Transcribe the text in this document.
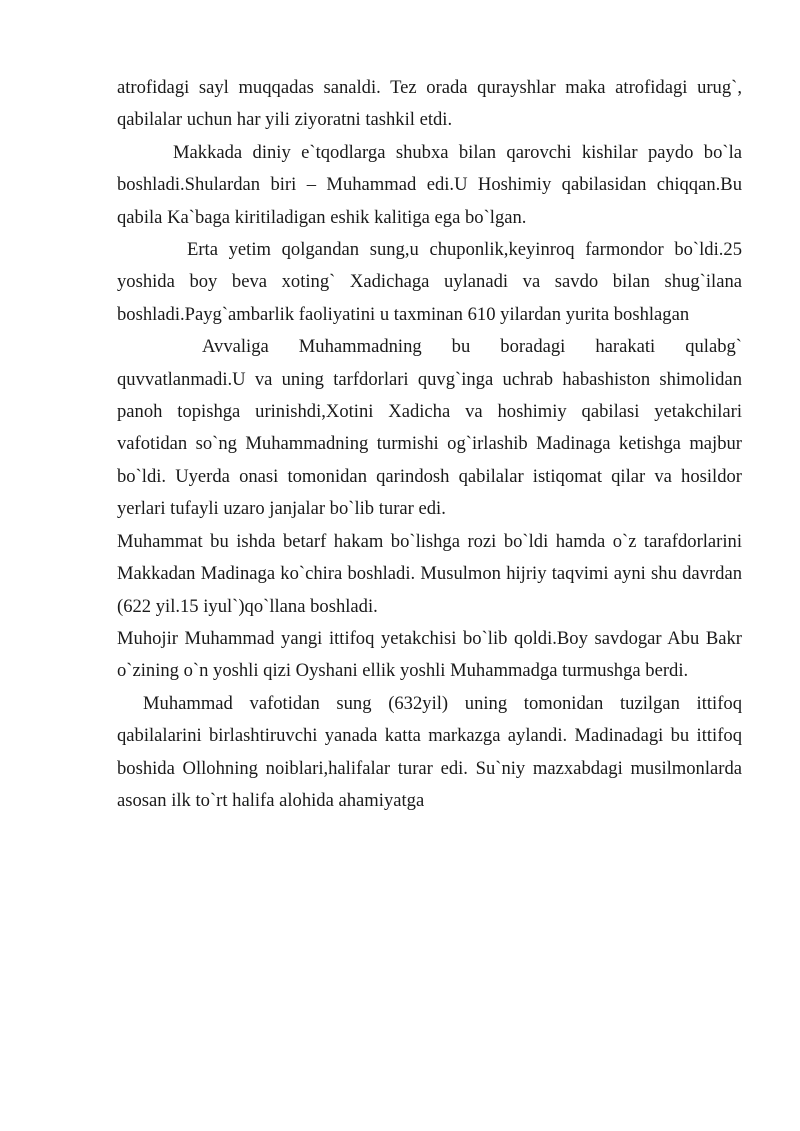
atrofidagi sayl muqqadas sanaldi. Tez orada qurayshlar maka atrofidagi urug`, qabilalar uchun har yili ziyoratni tashkil etdi.

Makkada diniy e`tqodlarga shubxa bilan qarovchi kishilar paydo bo`la boshladi.Shulardan biri – Muhammad edi.U Hoshimiy qabilasidan chiqqan.Bu qabila Ka`baga kiritiladigan eshik kalitiga ega bo`lgan.

Erta yetim qolgandan sung,u chuponlik,keyinroq farmondor bo`ldi.25 yoshida boy beva xoting` Xadichaga uylanadi va savdo bilan shug`ilana boshladi.Payg`ambarlik faoliyatini u taxminan 610 yilardan yurita boshlagan

Avvaliga Muhammadning bu boradagi harakati qulabg` quvvatlanmadi.U va uning tarfdorlari quvg`inga uchrab habashiston shimolidan panoh topishga urinishdi,Xotini Xadicha va hoshimiy qabilasi yetakchilari vafotidan so`ng Muhammadning turmishi og`irlashib Madinaga ketishga majbur bo`ldi. Uyerda onasi tomonidan qarindosh qabilalar istiqomat qilar va hosildor yerlari tufayli uzaro janjalar bo`lib turar edi.

Muhammat bu ishda betarf hakam bo`lishga rozi bo`ldi hamda o`z tarafdorlarini Makkadan Madinaga ko`chira boshladi. Musulmon hijriy taqvimi ayni shu davrdan (622 yil.15 iyul`)qo`llana boshladi.

Muhojir Muhammad yangi ittifoq yetakchisi bo`lib qoldi.Boy savdogar Abu Bakr o`zining o`n yoshli qizi Oyshani ellik yoshli Muhammadga turmushga berdi.

Muhammad vafotidan sung (632yil) uning tomonidan tuzilgan ittifoq qabilalarini birlashtiruvchi yanada katta markazga aylandi. Madinadagi bu ittifoq boshida Ollohning noiblari,halifalar turar edi. Su`niy mazxabdagi musilmonlarda asosan ilk to`rt halifa alohida ahamiyatga
